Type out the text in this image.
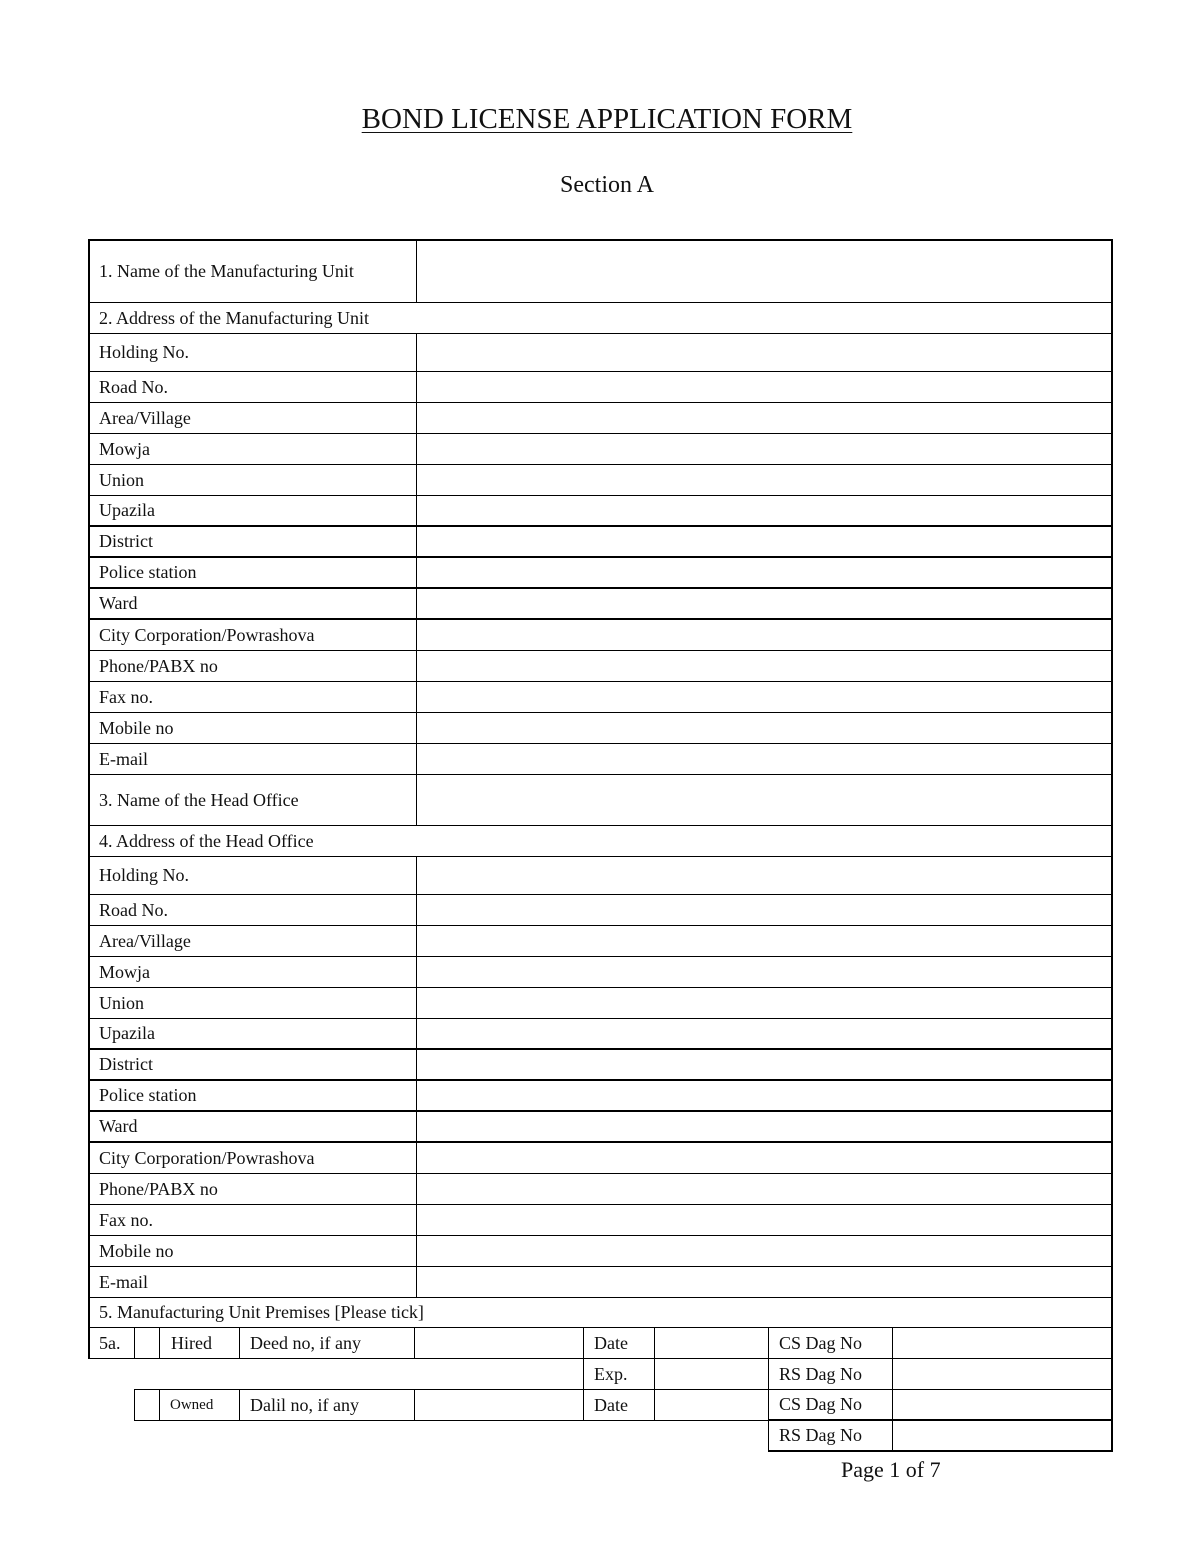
BOND LICENSE APPLICATION FORM
Section A
1. Name of the Manufacturing Unit
2. Address of the Manufacturing Unit
Holding No.
Road No.
Area/Village
Mowja
Union
Upazila
District
Police station
Ward
City Corporation/Powrashova
Phone/PABX no
Fax no.
Mobile no
E-mail
3. Name of the Head Office
4. Address of the Head Office
Holding No.
Road No.
Area/Village
Mowja
Union
Upazila
District
Police station
Ward
City Corporation/Powrashova
Phone/PABX no
Fax no.
Mobile no
E-mail
5. Manufacturing Unit Premises [Please tick]
5a.	Hired	Deed no, if any	Date	CS Dag No
Exp.	RS Dag No
Owned	Dalil no, if any	Date	CS Dag No
RS Dag No
Page 1 of 7
